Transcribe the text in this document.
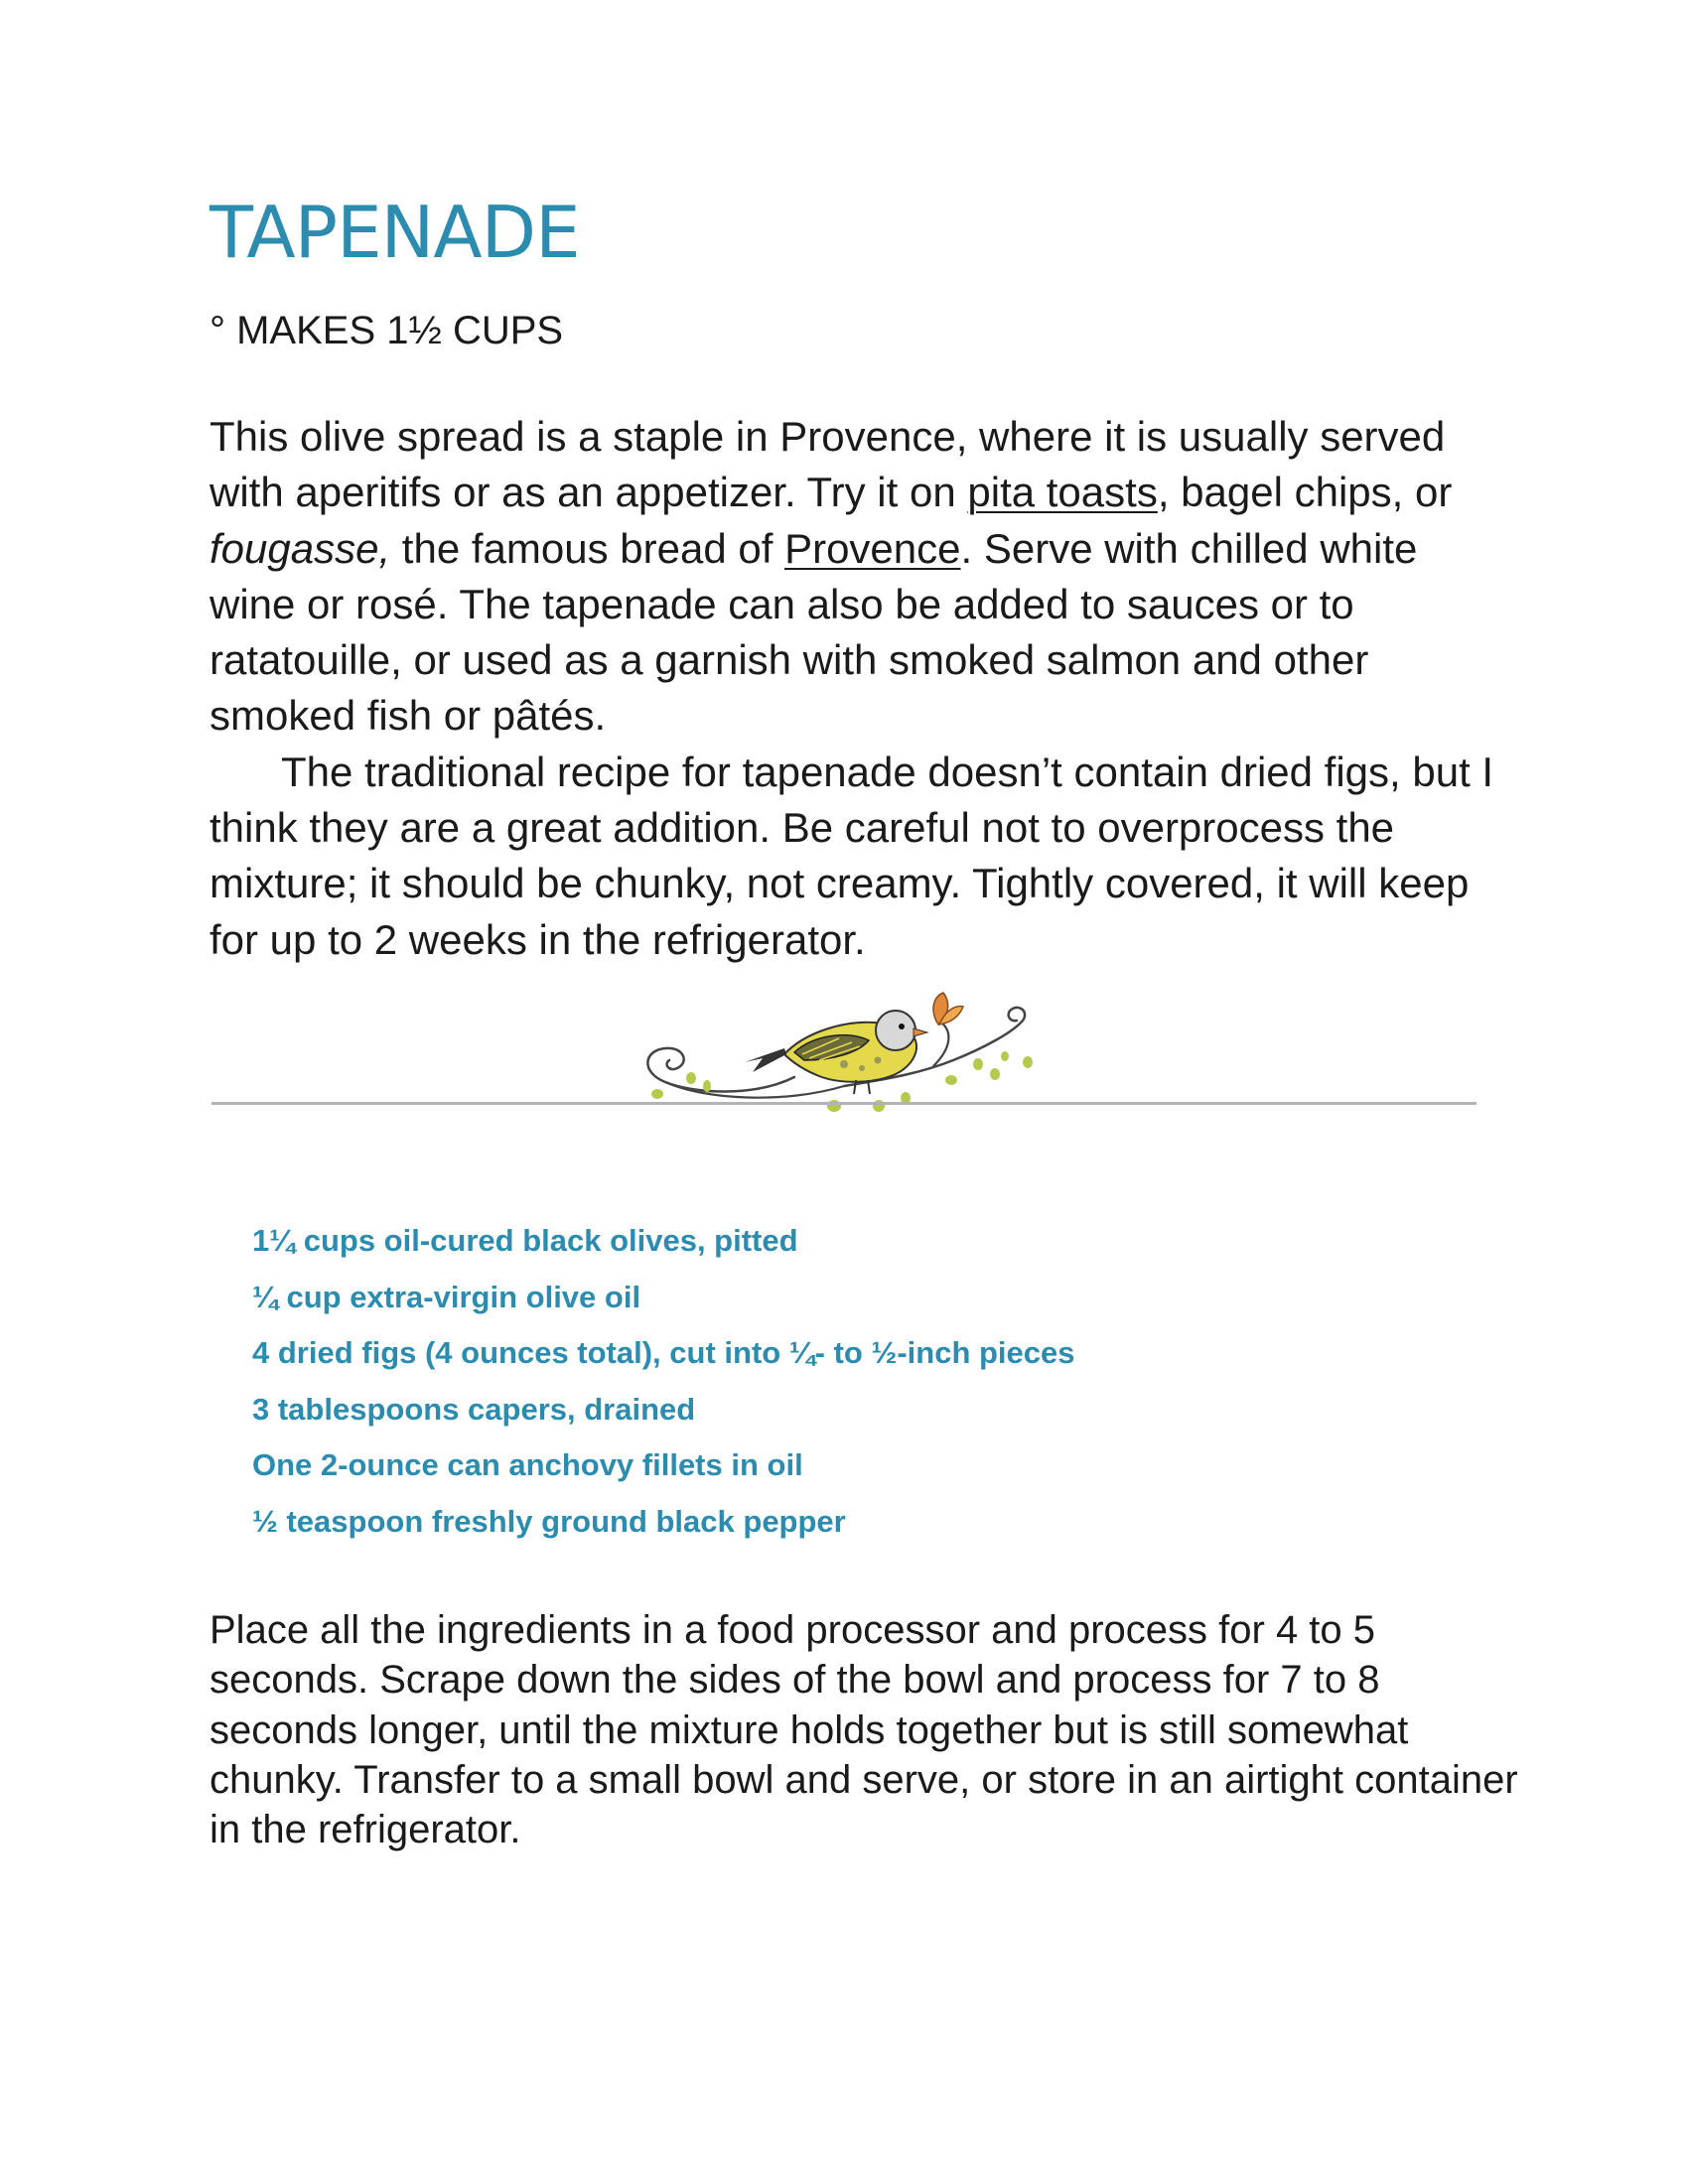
TAPENADE
° MAKES 1½ CUPS

This olive spread is a staple in Provence, where it is usually served with aperitifs or as an appetizer. Try it on pita toasts, bagel chips, or fougasse, the famous bread of Provence. Serve with chilled white wine or rosé. The tapenade can also be added to sauces or to ratatouille, or used as a garnish with smoked salmon and other smoked fish or pâtés.

The traditional recipe for tapenade doesn’t contain dried figs, but I think they are a great addition. Be careful not to overprocess the mixture; it should be chunky, not creamy. Tightly covered, it will keep for up to 2 weeks in the refrigerator.

1¼ cups oil-cured black olives, pitted
¼ cup extra-virgin olive oil
4 dried figs (4 ounces total), cut into ¼- to ½-inch pieces
3 tablespoons capers, drained
One 2-ounce can anchovy fillets in oil
½ teaspoon freshly ground black pepper

Place all the ingredients in a food processor and process for 4 to 5 seconds. Scrape down the sides of the bowl and process for 7 to 8 seconds longer, until the mixture holds together but is still somewhat chunky. Transfer to a small bowl and serve, or store in an airtight container in the refrigerator.
